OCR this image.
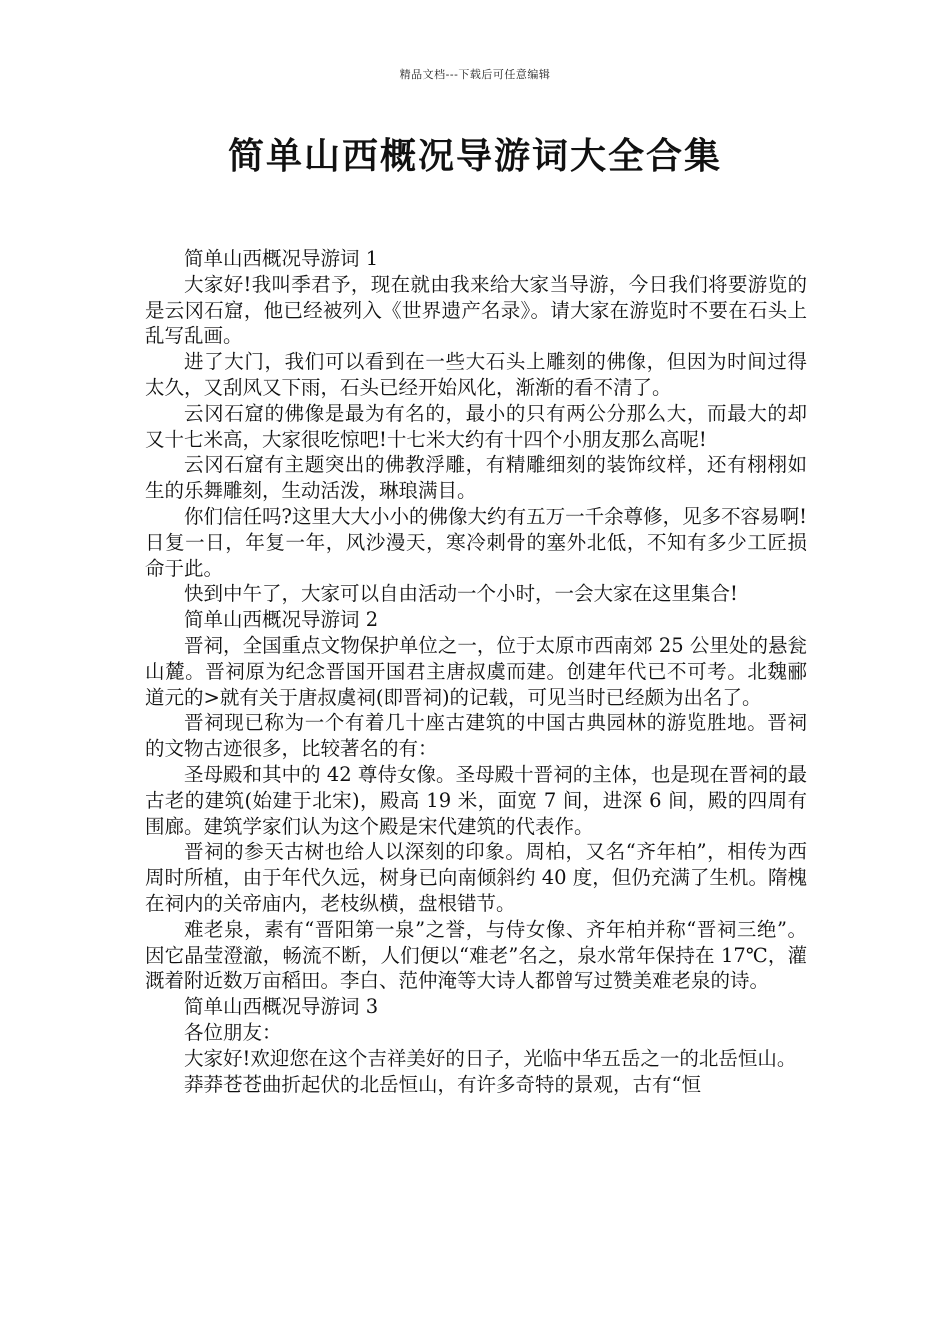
精品文档---下载后可任意编辑
简单山西概况导游词大全合集

简单山西概况导游词 1

大家好!我叫季君予，现在就由我来给大家当导游，今日我们将要游览的是云冈石窟，他已经被列入《世界遗产名录》。请大家在游览时不要在石头上乱写乱画。

进了大门，我们可以看到在一些大石头上雕刻的佛像，但因为时间过得太久，又刮风又下雨，石头已经开始风化，渐渐的看不清了。

云冈石窟的佛像是最为有名的，最小的只有两公分那么大，而最大的却又十七米高，大家很吃惊吧!十七米大约有十四个小朋友那么高呢!

云冈石窟有主题突出的佛教浮雕，有精雕细刻的装饰纹样，还有栩栩如生的乐舞雕刻，生动活泼，琳琅满目。

你们信任吗?这里大大小小的佛像大约有五万一千余尊修，见多不容易啊!日复一日，年复一年，风沙漫天，寒冷刺骨的塞外北低，不知有多少工匠损命于此。

快到中午了，大家可以自由活动一个小时，一会大家在这里集合!

简单山西概况导游词 2

晋祠，全国重点文物保护单位之一，位于太原市西南郊 25 公里处的悬瓮山麓。晋祠原为纪念晋国开国君主唐叔虞而建。创建年代已不可考。北魏郦道元的>就有关于唐叔虞祠(即晋祠)的记载，可见当时已经颇为出名了。

晋祠现已称为一个有着几十座古建筑的中国古典园林的游览胜地。晋祠的文物古迹很多，比较著名的有：

圣母殿和其中的 42 尊侍女像。圣母殿十晋祠的主体，也是现在晋祠的最古老的建筑(始建于北宋)，殿高 19 米，面宽 7 间，进深 6 间，殿的四周有围廊。建筑学家们认为这个殿是宋代建筑的代表作。

晋祠的参天古树也给人以深刻的印象。周柏，又名“齐年柏”，相传为西周时所植，由于年代久远，树身已向南倾斜约 40 度，但仍充满了生机。隋槐在祠内的关帝庙内，老枝纵横，盘根错节。

难老泉，素有“晋阳第一泉”之誉，与侍女像、齐年柏并称“晋祠三绝”。因它晶莹澄澈，畅流不断，人们便以“难老”名之，泉水常年保持在 17℃，灌溉着附近数万亩稻田。李白、范仲淹等大诗人都曾写过赞美难老泉的诗。

简单山西概况导游词 3

各位朋友：

大家好!欢迎您在这个吉祥美好的日子，光临中华五岳之一的北岳恒山。

莽莽苍苍曲折起伏的北岳恒山，有许多奇特的景观，古有“恒
